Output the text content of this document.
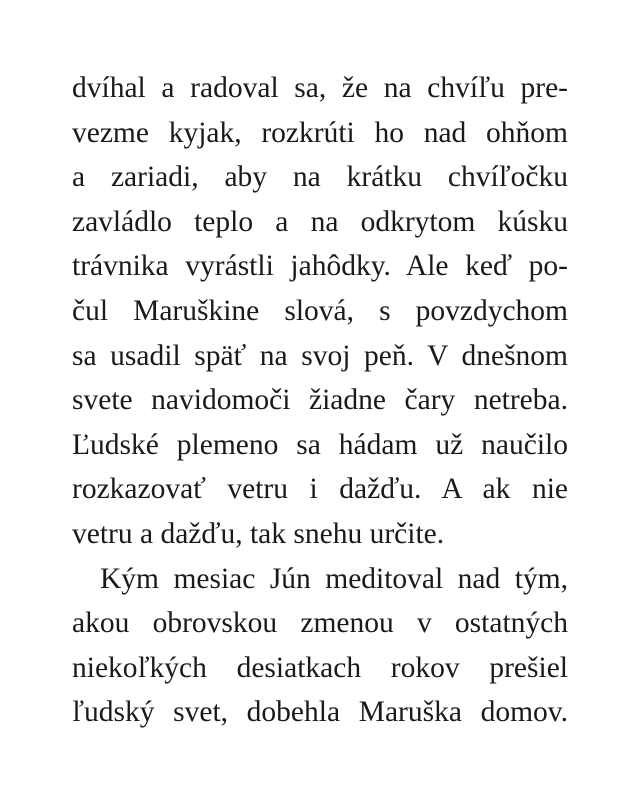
dvíhal a radoval sa, že na chvíľu pre-
vezme kyjak, rozkrúti ho nad ohňom
a zariadi, aby na krátku chvíľočku
zavládlo teplo a na odkrytom kúsku
trávnika vyrástli jahôdky. Ale keď po-
čul Maruškine slová, s povzdychom
sa usadil späť na svoj peň. V dnešnom
svete navidomoči žiadne čary netreba.
Ľudské plemeno sa hádam už naučilo
rozkazovať vetru i dažďu. A ak nie
vetru a dažďu, tak snehu určite.
Kým mesiac Jún meditoval nad tým,
akou obrovskou zmenou v ostatných
niekoľkých desiatkach rokov prešiel
ľudský svet, dobehla Maruška domov.
